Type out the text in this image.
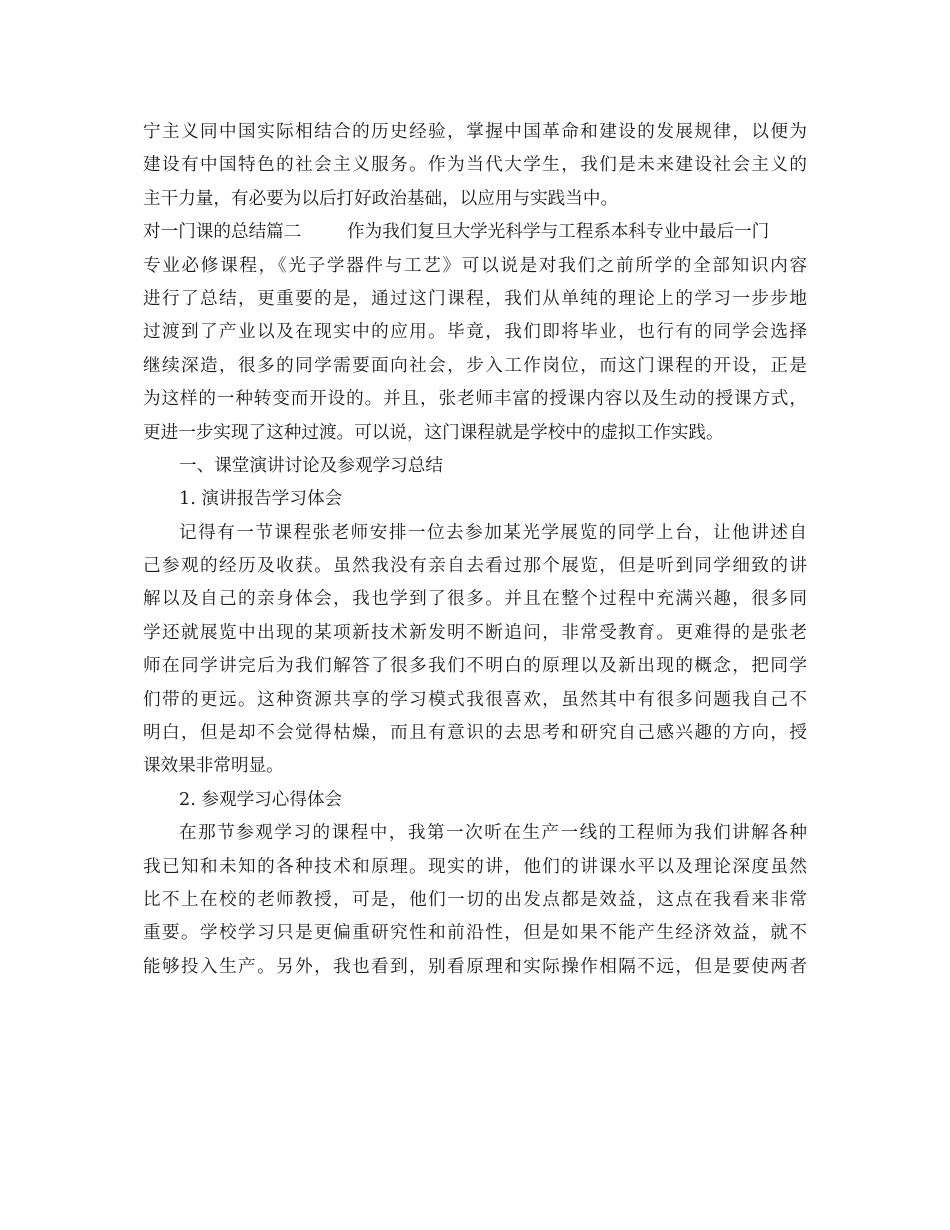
宁主义同中国实际相结合的历史经验，掌握中国革命和建设的发展规律，以便为
建设有中国特色的社会主义服务。作为当代大学生，我们是未来建设社会主义的
主干力量，有必要为以后打好政治基础，以应用与实践当中。
对一门课的总结篇二	作为我们复旦大学光科学与工程系本科专业中最后一门
专业必修课程，《光子学器件与工艺》可以说是对我们之前所学的全部知识内容
进行了总结，更重要的是，通过这门课程，我们从单纯的理论上的学习一步步地
过渡到了产业以及在现实中的应用。毕竟，我们即将毕业，也行有的同学会选择
继续深造，很多的同学需要面向社会，步入工作岗位，而这门课程的开设，正是
为这样的一种转变而开设的。并且，张老师丰富的授课内容以及生动的授课方式，
更进一步实现了这种过渡。可以说，这门课程就是学校中的虚拟工作实践。
一、课堂演讲讨论及参观学习总结
1. 演讲报告学习体会
记得有一节课程张老师安排一位去参加某光学展览的同学上台，让他讲述自
己参观的经历及收获。虽然我没有亲自去看过那个展览，但是听到同学细致的讲
解以及自己的亲身体会，我也学到了很多。并且在整个过程中充满兴趣，很多同
学还就展览中出现的某项新技术新发明不断追问，非常受教育。更难得的是张老
师在同学讲完后为我们解答了很多我们不明白的原理以及新出现的概念，把同学
们带的更远。这种资源共享的学习模式我很喜欢，虽然其中有很多问题我自己不
明白，但是却不会觉得枯燥，而且有意识的去思考和研究自己感兴趣的方向，授
课效果非常明显。
2. 参观学习心得体会
在那节参观学习的课程中，我第一次听在生产一线的工程师为我们讲解各种
我已知和未知的各种技术和原理。现实的讲，他们的讲课水平以及理论深度虽然
比不上在校的老师教授，可是，他们一切的出发点都是效益，这点在我看来非常
重要。学校学习只是更偏重研究性和前沿性，但是如果不能产生经济效益，就不
能够投入生产。另外，我也看到，别看原理和实际操作相隔不远，但是要使两者
